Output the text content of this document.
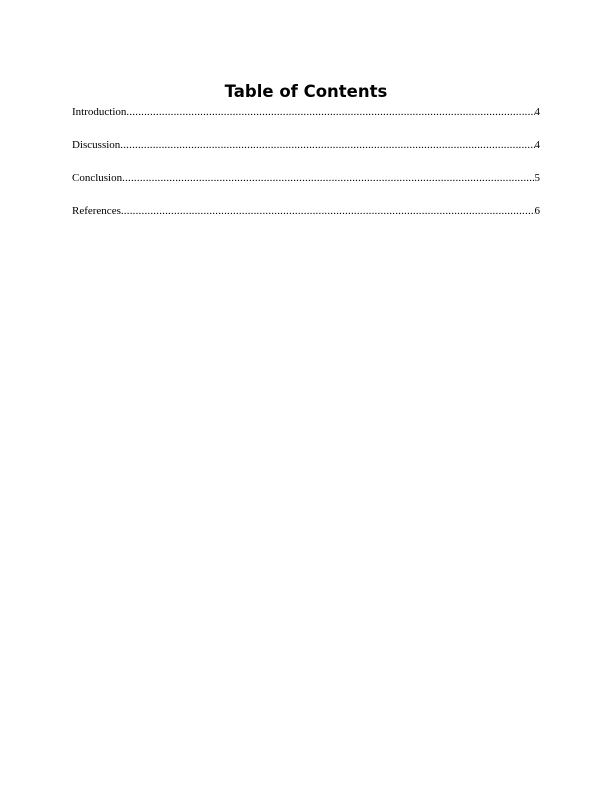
Table of Contents
Introduction .....	4
Discussion .....	4
Conclusion .....	5
References .....	6
